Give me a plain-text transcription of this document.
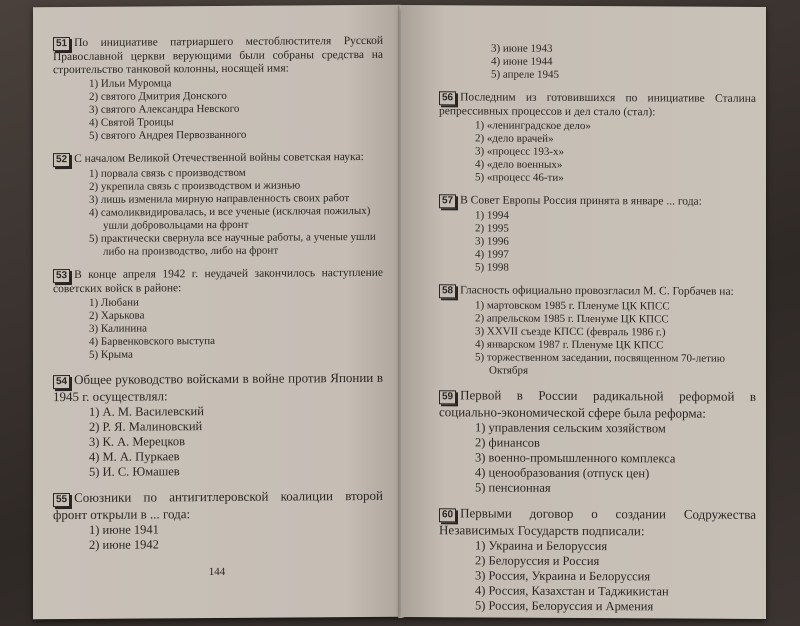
51 По инициативе патриаршего местоблюстителя Русской Православной церкви верующими были собраны средства на строительство танковой колонны, носящей имя:
1) Ильи Муромца
2) святого Дмитрия Донского
3) святого Александра Невского
4) Святой Троицы
5) святого Андрея Первозванного
52 С началом Великой Отечественной войны советская наука:
1) порвала связь с производством
2) укрепила связь с производством и жизнью
3) лишь изменила мирную направленность своих работ
4) самоликвидировалась, и все ученые (исключая пожилых) ушли добровольцами на фронт
5) практически свернула все научные работы, а ученые ушли либо на производство, либо на фронт
53 В конце апреля 1942 г. неудачей закончилось наступление советских войск в районе:
1) Любани
2) Харькова
3) Калинина
4) Барвенковского выступа
5) Крыма
54 Общее руководство войсками в войне против Японии в 1945 г. осуществлял:
1) А. М. Василевский
2) Р. Я. Малиновский
3) К. А. Мерецков
4) М. А. Пуркаев
5) И. С. Юмашев
55 Союзники по антигитлеровской коалиции второй фронт открыли в ... года:
1) июне 1941
2) июне 1942
144
3) июне 1943
4) июне 1944
5) апреле 1945
56 Последним из готовившихся по инициативе Сталина репрессивных процессов и дел стало (стал):
1) «ленинградское дело»
2) «дело врачей»
3) «процесс 193-х»
4) «дело военных»
5) «процесс 46-ти»
57 В Совет Европы Россия принята в январе ... года:
1) 1994
2) 1995
3) 1996
4) 1997
5) 1998
58 Гласность официально провозгласил М. С. Горбачев на:
1) мартовском 1985 г. Пленуме ЦК КПСС
2) апрельском 1985 г. Пленуме ЦК КПСС
3) XXVII съезде КПСС (февраль 1986 г.)
4) январском 1987 г. Пленуме ЦК КПСС
5) торжественном заседании, посвященном 70-летию Октября
59 Первой в России радикальной реформой в социально-экономической сфере была реформа:
1) управления сельским хозяйством
2) финансов
3) военно-промышленного комплекса
4) ценообразования (отпуск цен)
5) пенсионная
60 Первыми договор о создании Содружества Независимых Государств подписали:
1) Украина и Белоруссия
2) Белоруссия и Россия
3) Россия, Украина и Белоруссия
4) Россия, Казахстан и Таджикистан
5) Россия, Белоруссия и Армения
